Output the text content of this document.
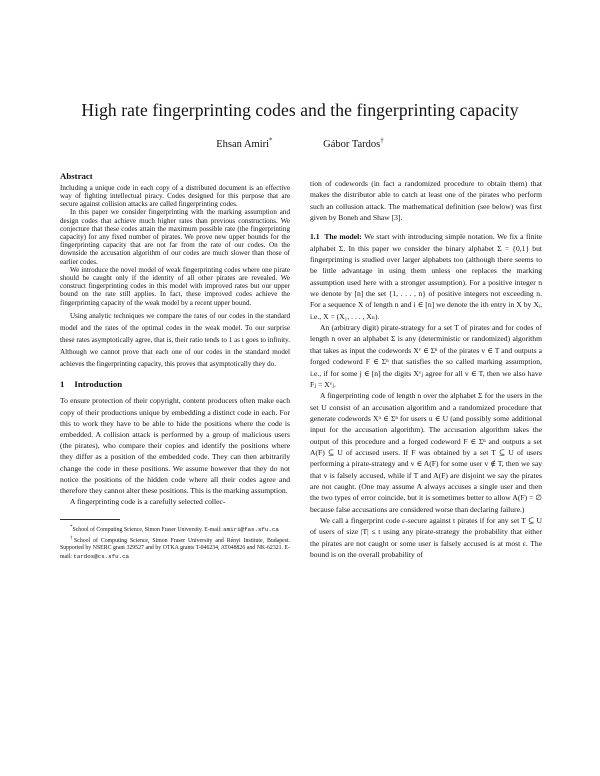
High rate fingerprinting codes and the fingerprinting capacity
Ehsan Amiri*	Gábor Tardos†
Abstract

Including a unique code in each copy of a distributed document is an effective way of fighting intellectual piracy. Codes designed for this purpose that are secure against collision attacks are called fingerprinting codes.

In this paper we consider fingerprinting with the marking assumption and design codes that achieve much higher rates than previous constructions. We conjecture that these codes attain the maximum possible rate (the fingerprinting capacity) for any fixed number of pirates. We prove new upper bounds for the fingerprinting capacity that are not far from the rate of our codes. On the downside the accusation algorithm of our codes are much slower than those of earlier codes.

We introduce the novel model of weak fingerprinting codes where one pirate should be caught only if the identity of all other pirates are revealed. We construct fingerprinting codes in this model with improved rates but our upper bound on the rate still applies. In fact, these improved codes achieve the fingerprinting capacity of the weak model by a recent upper bound.

Using analytic techniques we compare the rates of our codes in the standard model and the rates of the optimal codes in the weak model. To our surprise these rates asymptotically agree, that is, their ratio tends to 1 as t goes to infinity. Although we cannot prove that each one of our codes in the standard model achieves the fingerprinting capacity, this proves that asymptotically they do.

1 Introduction

To ensure protection of their copyright, content producers often make each copy of their productions unique by embedding a distinct code in each. For this to work they have to be able to hide the positions where the code is embedded. A collision attack is performed by a group of malicious users (the pirates), who compare their copies and identify the positions where they differ as a position of the embedded code. They can then arbitrarily change the code in these positions. We assume however that they do not notice the positions of the hidden code where all their codes agree and therefore they cannot alter these positions. This is the marking assumption.

A fingerprinting code is a carefully selected collec-

*School of Computing Science, Simon Fraser University. E-mail: amiri@fas.sfu.ca

†School of Computing Science, Simon Fraser University and Rényi Institute, Budapest. Supported by NSERC grant 329527 and by OTKA grants T-046234, AT048826 and NK-62321. E-mail: tardos@cs.sfu.ca

tion of codewords (in fact a randomized procedure to obtain them) that makes the distributor able to catch at least one of the pirates who perform such an collusion attack. The mathematical definition (see below) was first given by Boneh and Shaw [3].

1.1 The model: We start with introducing simple notation. We fix a finite alphabet Σ. In this paper we consider the binary alphabet Σ = {0,1} but fingerprinting is studied over larger alphabets too (although there seems to be little advantage in using them unless one replaces the marking assumption used here with a stronger assumption). For a positive integer n we denote by [n] the set {1, . . . , n} of positive integers not exceeding n. For a sequence X of length n and i ∈ [n] we denote the ith entry in X by Xᵢ, i.e., X = (X₁, . . . , Xₙ).

An (arbitrary digit) pirate-strategy for a set T of pirates and for codes of length n over an alphabet Σ is any (deterministic or randomized) algorithm that takes as input the codewords Xᵛ ∈ Σⁿ of the pirates v ∈ T and outputs a forged codeword F ∈ Σⁿ that satisfies the so called marking assumption, i.e., if for some j ∈ [n] the digits Xᵛⱼ agree for all v ∈ T, then we also have Fⱼ = Xᵛⱼ.

A fingerprinting code of length n over the alphabet Σ for the users in the set U consist of an accusation algorithm and a randomized procedure that generate codewords Xᵘ ∈ Σⁿ for users u ∈ U (and possibly some additional input for the accusation algorithm). The accusation algorithm takes the output of this procedure and a forged codeword F ∈ Σⁿ and outputs a set A(F) ⊆ U of accused users. If F was obtained by a set T ⊆ U of users performing a pirate-strategy and v ∈ A(F) for some user v ∉ T, then we say that v is falsely accused, while if T and A(F) are disjoint we say the pirates are not caught. (One may assume A always accuses a single user and then the two types of error coincide, but it is sometimes better to allow A(F) = ∅ because false accusations are considered worse than declaring failure.)

We call a fingerprint code ε-secure against t pirates if for any set T ⊆ U of users of size |T| ≤ t using any pirate-strategy the probability that either the pirates are not caught or some user is falsely accused is at most ε. The bound is on the overall probability of
